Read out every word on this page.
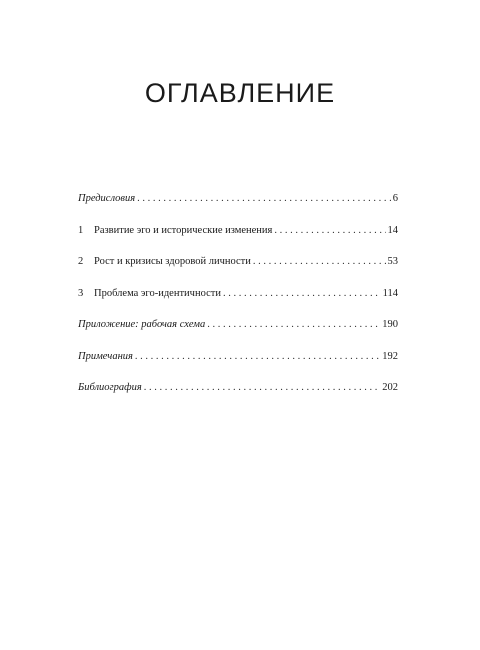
ОГЛАВЛЕНИЕ
Предисловия . . .	6
1	Развитие эго и исторические изменения . . .	14
2	Рост и кризисы здоровой личности . . .	53
3	Проблема эго-идентичности . . .	114
Приложение: рабочая схема . . .	190
Примечания . . .	192
Библиография . . .	202
